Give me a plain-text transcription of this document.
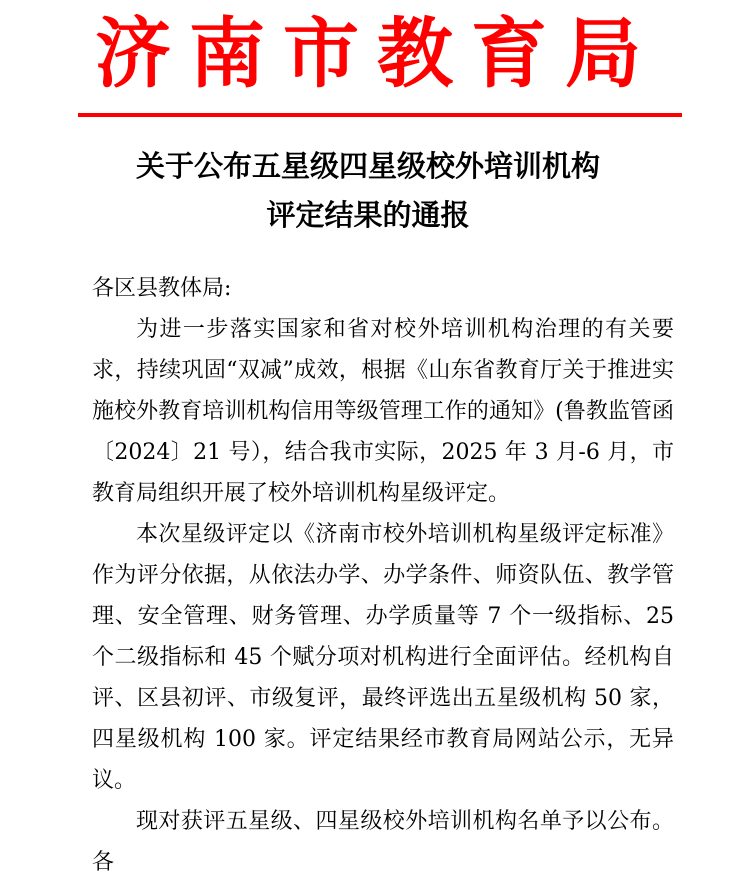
济南市教育局
关于公布五星级四星级校外培训机构
评定结果的通报

各区县教体局:

为进一步落实国家和省对校外培训机构治理的有关要求，持续巩固“双减”成效，根据《山东省教育厅关于推进实施校外教育培训机构信用等级管理工作的通知》(鲁教监管函〔2024〕21 号），结合我市实际，2025 年 3 月-6 月，市教育局组织开展了校外培训机构星级评定。

本次星级评定以《济南市校外培训机构星级评定标准》作为评分依据，从依法办学、办学条件、师资队伍、教学管理、安全管理、财务管理、办学质量等 7 个一级指标、25 个二级指标和 45 个赋分项对机构进行全面评估。经机构自评、区县初评、市级复评，最终评选出五星级机构 50 家，四星级机构 100 家。评定结果经市教育局网站公示，无异议。

现对获评五星级、四星级校外培训机构名单予以公布。各
